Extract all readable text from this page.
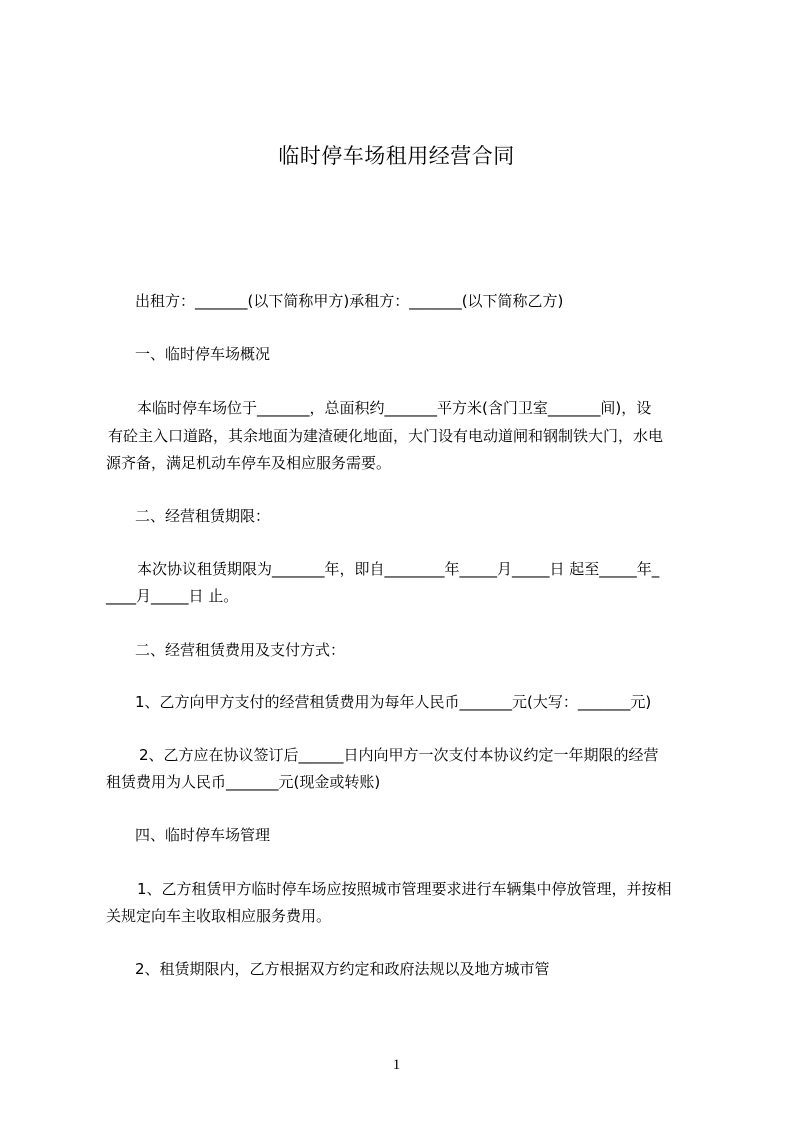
临时停车场租用经营合同
出租方：_______(以下简称甲方)承租方：_______(以下简称乙方)
一、临时停车场概况
本临时停车场位于_______，总面积约_______平方米(含门卫室_______间)，设
有砼主入口道路，其余地面为建渣硬化地面，大门设有电动道闸和钢制铁大门，水电
源齐备，满足机动车停车及相应服务需要。
二、经营租赁期限：
本次协议租赁期限为_______年，即自________年_____月_____日 起至_____年_
____月_____日 止。
二、经营租赁费用及支付方式：
1、乙方向甲方支付的经营租赁费用为每年人民币_______元(大写：_______元)
2、乙方应在协议签订后______日内向甲方一次支付本协议约定一年期限的经营
租赁费用为人民币_______元(现金或转账)
四、临时停车场管理
1、乙方租赁甲方临时停车场应按照城市管理要求进行车辆集中停放管理，并按相
关规定向车主收取相应服务费用。
2、租赁期限内，乙方根据双方约定和政府法规以及地方城市管
1
